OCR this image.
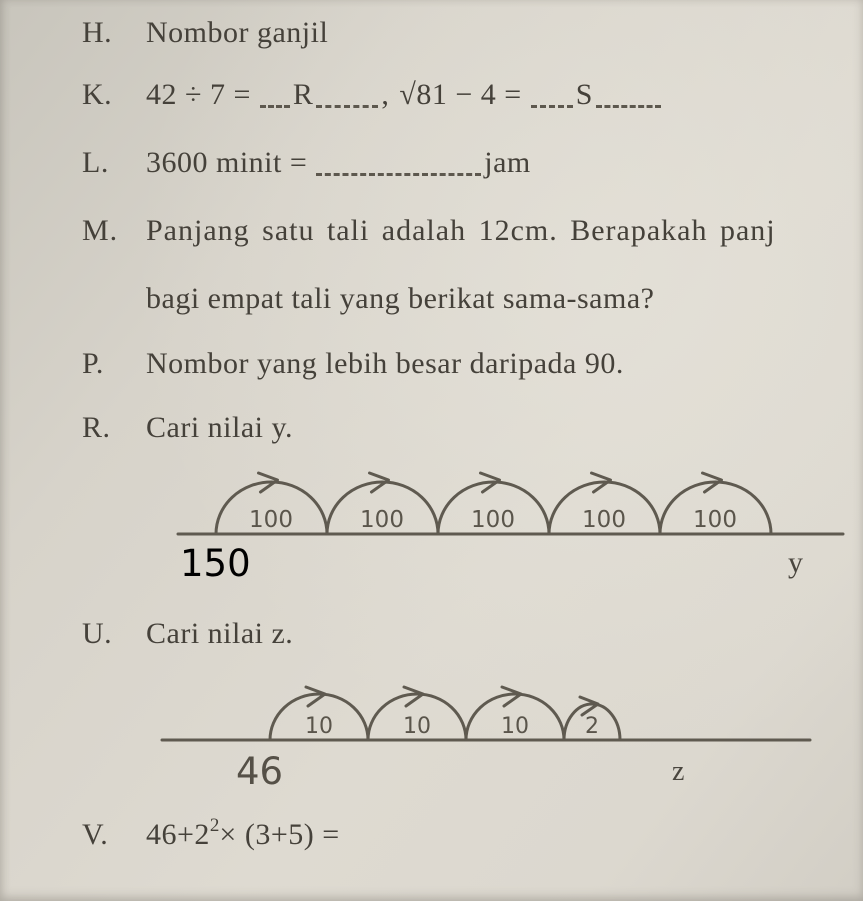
H. Nombor ganjil
K. 42 ÷ 7 = R , √81 − 4 = S
L. 3600 minit =	jam
M. Panjang satu tali adalah 12cm. Berapakah panj
bagi empat tali yang berikat sama-sama?
P. Nombor yang lebih besar daripada 90.
R. Cari nilai y.
100	100	100	100	100
150	y
U. Cari nilai z.
10	10	10	2
46	z
V. $46+2^2\times (3+5)$ =
